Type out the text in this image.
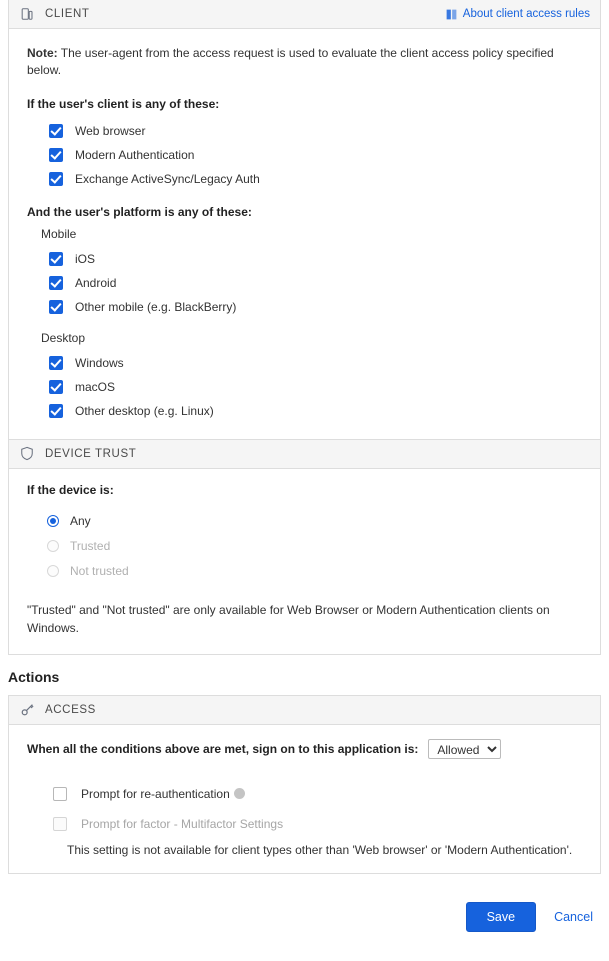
CLIENT	About client access rules
Note: The user-agent from the access request is used to evaluate the client access policy specified below.
If the user's client is any of these:
Web browser
Modern Authentication
Exchange ActiveSync/Legacy Auth
And the user's platform is any of these:
Mobile
iOS
Android
Other mobile (e.g. BlackBerry)
Desktop
Windows
macOS
Other desktop (e.g. Linux)
DEVICE TRUST
If the device is:
Any
Trusted
Not trusted
"Trusted" and "Not trusted" are only available for Web Browser or Modern Authentication clients on Windows.
Actions
ACCESS
When all the conditions above are met, sign on to this application is:
Allowed
Prompt for re-authentication
Prompt for factor - Multifactor Settings
This setting is not available for client types other than 'Web browser' or 'Modern Authentication'.
Save	Cancel
